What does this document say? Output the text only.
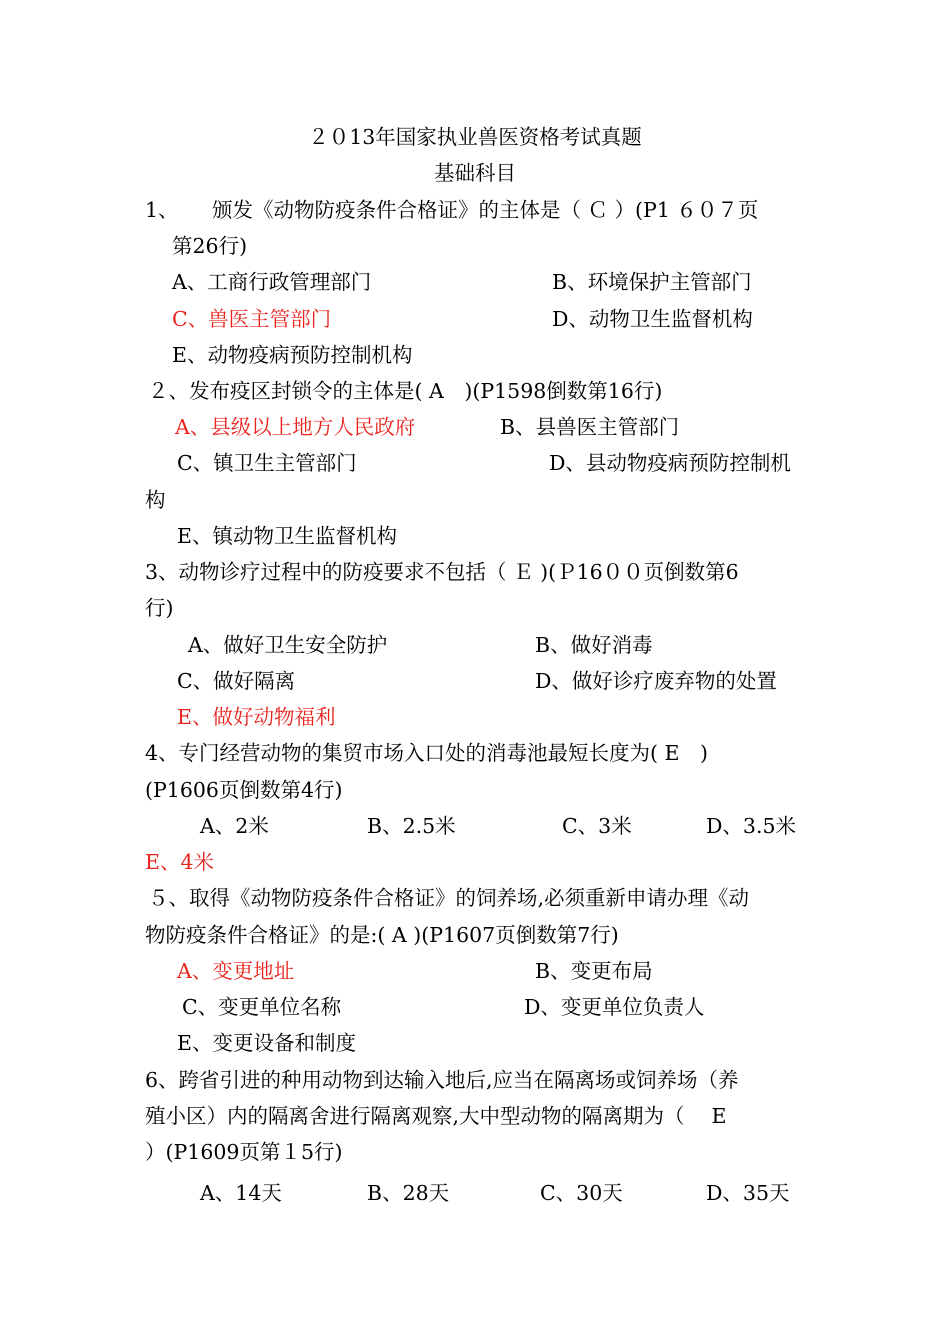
２０13年国家执业兽医资格考试真题
基础科目
1、 颁发《动物防疫条件合格证》的主体是（ Ｃ ）(P1 ６０７页
第26行)
A、工商行政管理部门	B、环境保护主管部门
C、兽医主管部门	D、动物卫生监督机构
E、动物疫病预防控制机构
２、发布疫区封锁令的主体是( A　)(P1598倒数第16行)
A、县级以上地方人民政府	B、县兽医主管部门
C、镇卫生主管部门	D、县动物疫病预防控制机
构
E、镇动物卫生监督机构
3、动物诊疗过程中的防疫要求不包括（ Ｅ )(Ｐ16００页倒数第6
行)
A、做好卫生安全防护	B、做好消毒
C、做好隔离	D、做好诊疗废弃物的处置
E、做好动物福利
4、专门经营动物的集贸市场入口处的消毒池最短长度为( E　)
(P1606页倒数第4行)
A、2米	B、2.5米	C、3米	D、3.5米
E、4米
５、取得《动物防疫条件合格证》的饲养场,必须重新申请办理《动
物防疫条件合格证》的是:( A )(P1607页倒数第7行)
A、变更地址	B、变更布局
C、变更单位名称	D、变更单位负责人
E、变更设备和制度
6、跨省引进的种用动物到达输入地后,应当在隔离场或饲养场（养
殖小区）内的隔离舍进行隔离观察,大中型动物的隔离期为（　 E
）(P1609页第１5行)
A、14天	B、28天	C、30天	D、35天
